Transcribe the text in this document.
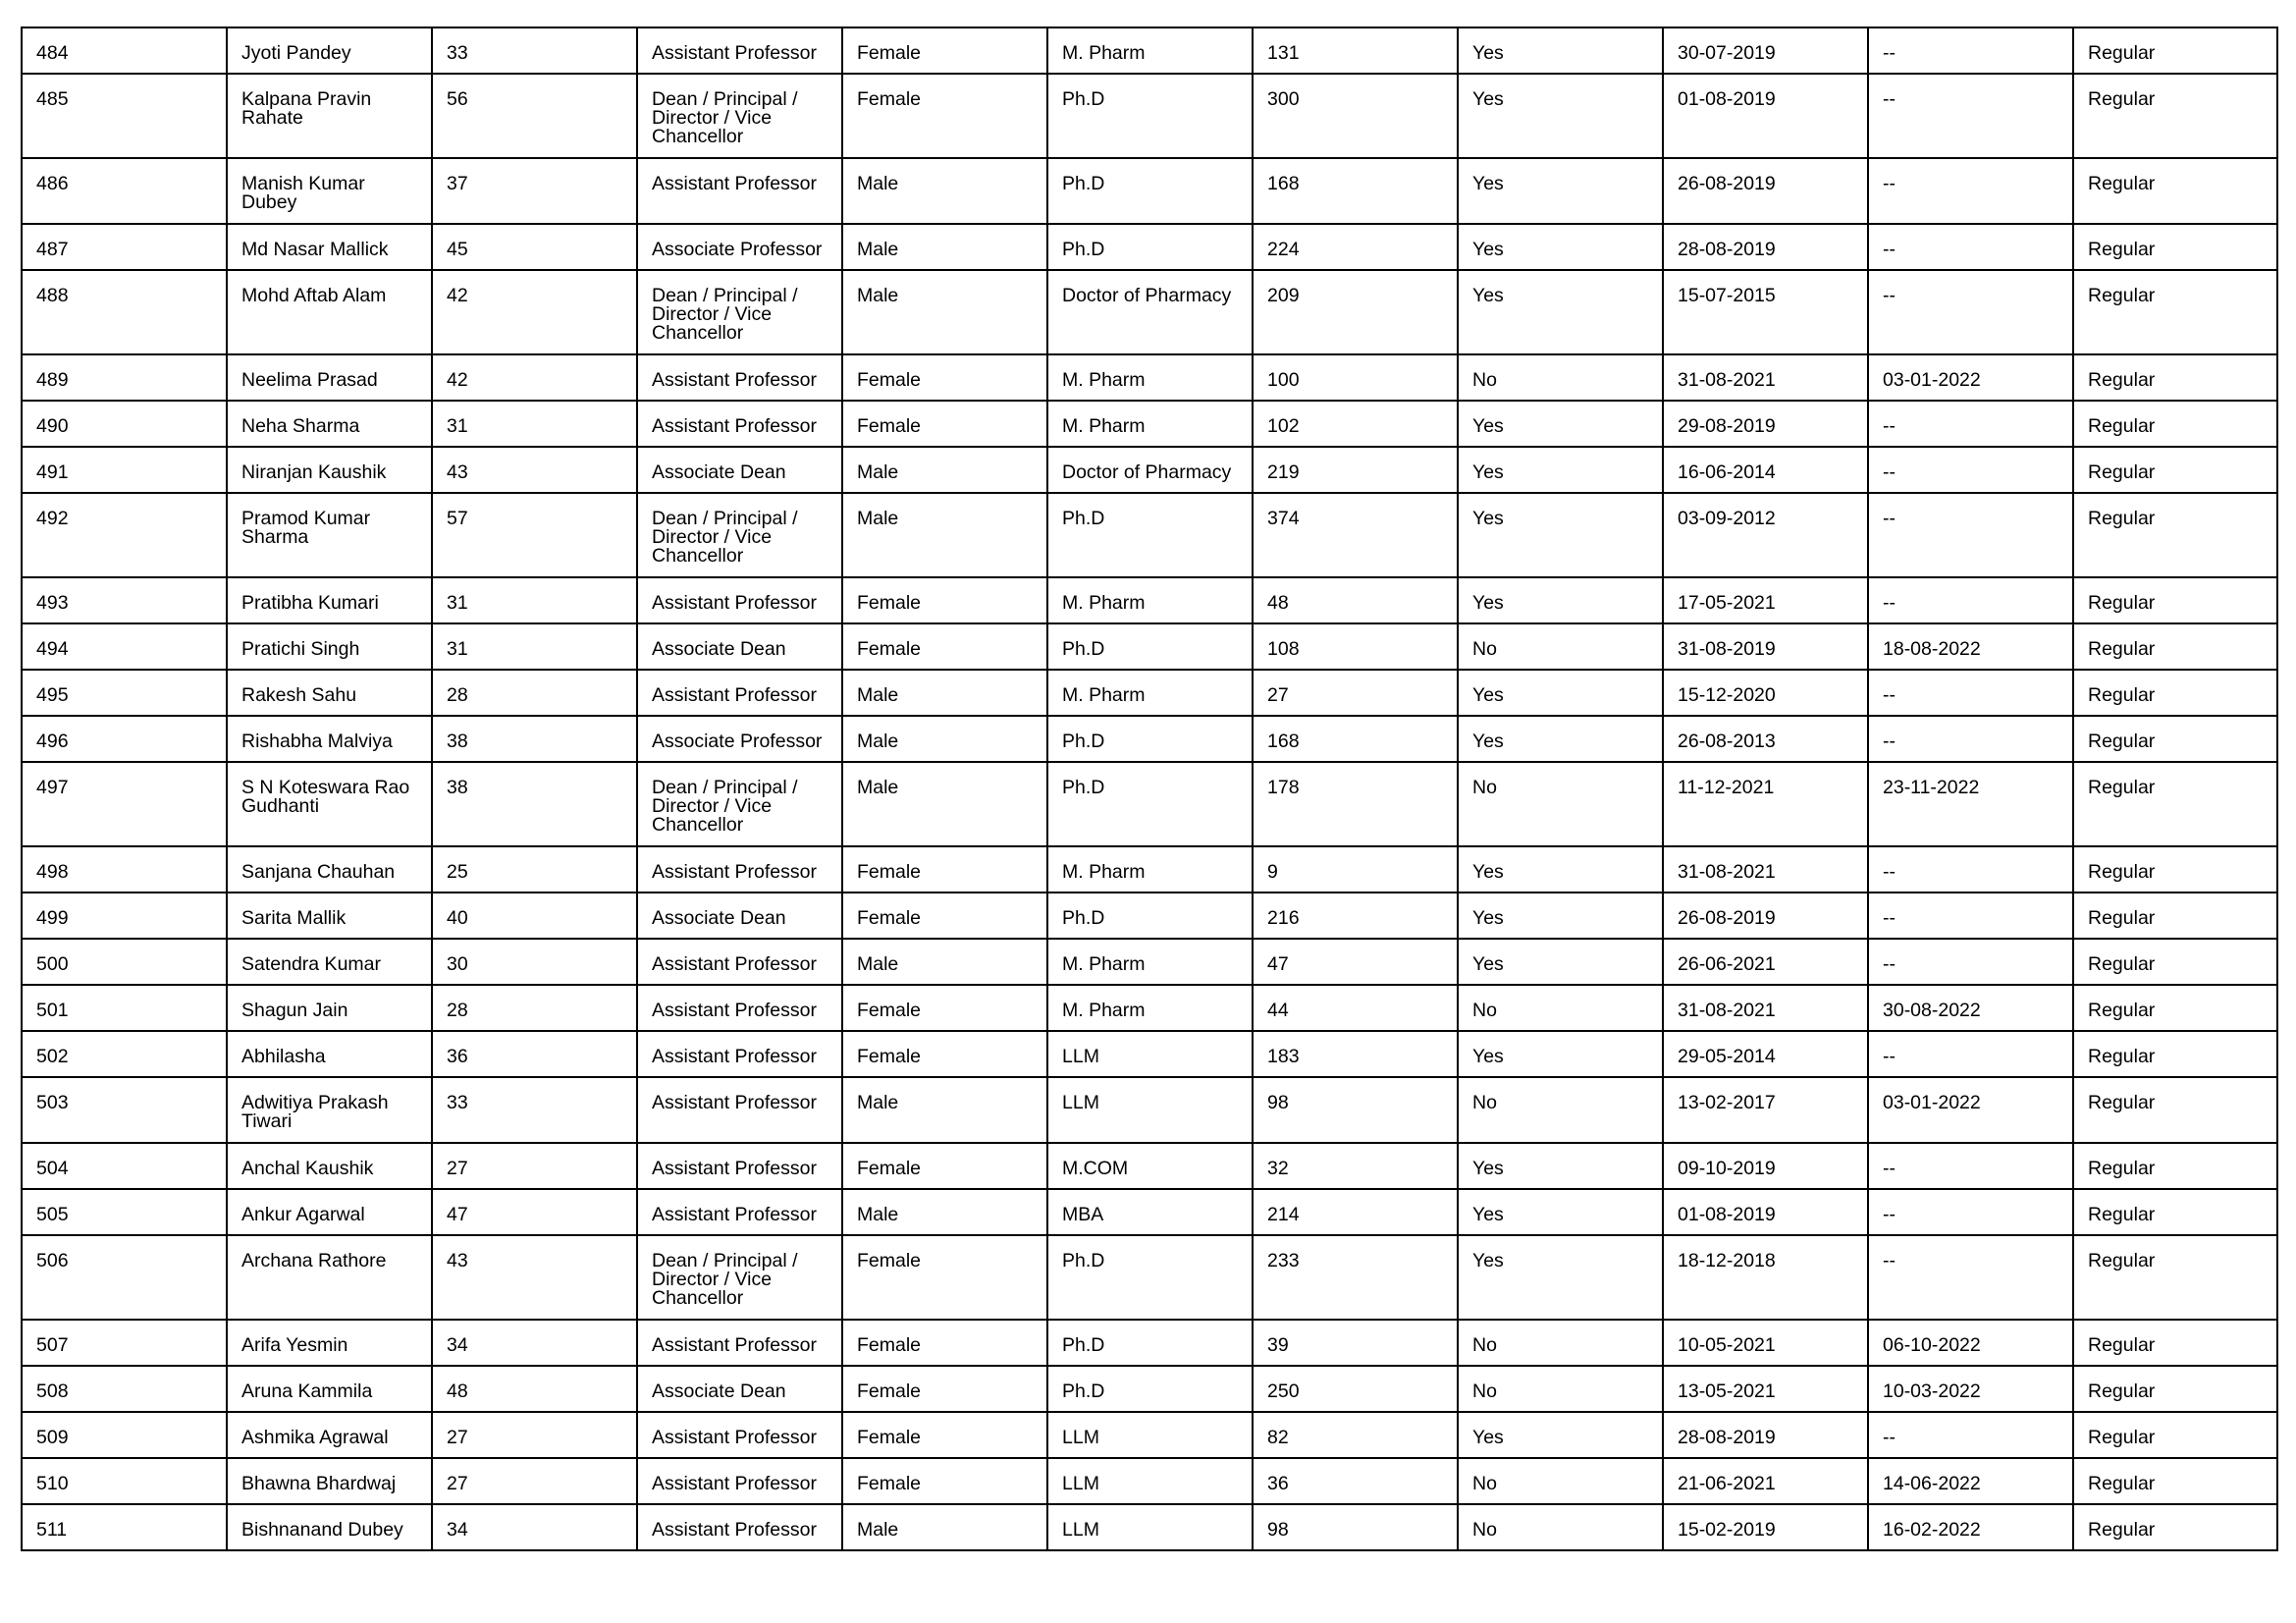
484	Jyoti Pandey	33	Assistant Professor	Female	M. Pharm	131	Yes	30-07-2019	--	Regular

485	Kalpana Pravin Rahate	56	Dean / Principal / Director / Vice Chancellor	Female	Ph.D	300	Yes	01-08-2019	--	Regular

486	Manish Kumar Dubey	37	Assistant Professor	Male	Ph.D	168	Yes	26-08-2019	--	Regular

487	Md Nasar Mallick	45	Associate Professor	Male	Ph.D	224	Yes	28-08-2019	--	Regular

488	Mohd Aftab Alam	42	Dean / Principal / Director / Vice Chancellor	Male	Doctor of Pharmacy	209	Yes	15-07-2015	--	Regular

489	Neelima Prasad	42	Assistant Professor	Female	M. Pharm	100	No	31-08-2021	03-01-2022	Regular

490	Neha Sharma	31	Assistant Professor	Female	M. Pharm	102	Yes	29-08-2019	--	Regular

491	Niranjan Kaushik	43	Associate Dean	Male	Doctor of Pharmacy	219	Yes	16-06-2014	--	Regular

492	Pramod Kumar Sharma	57	Dean / Principal / Director / Vice Chancellor	Male	Ph.D	374	Yes	03-09-2012	--	Regular

493	Pratibha Kumari	31	Assistant Professor	Female	M. Pharm	48	Yes	17-05-2021	--	Regular

494	Pratichi Singh	31	Associate Dean	Female	Ph.D	108	No	31-08-2019	18-08-2022	Regular

495	Rakesh Sahu	28	Assistant Professor	Male	M. Pharm	27	Yes	15-12-2020	--	Regular

496	Rishabha Malviya	38	Associate Professor	Male	Ph.D	168	Yes	26-08-2013	--	Regular

497	S N Koteswara Rao Gudhanti	38	Dean / Principal / Director / Vice Chancellor	Male	Ph.D	178	No	11-12-2021	23-11-2022	Regular

498	Sanjana Chauhan	25	Assistant Professor	Female	M. Pharm	9	Yes	31-08-2021	--	Regular

499	Sarita Mallik	40	Associate Dean	Female	Ph.D	216	Yes	26-08-2019	--	Regular

500	Satendra Kumar	30	Assistant Professor	Male	M. Pharm	47	Yes	26-06-2021	--	Regular

501	Shagun Jain	28	Assistant Professor	Female	M. Pharm	44	No	31-08-2021	30-08-2022	Regular

502	Abhilasha	36	Assistant Professor	Female	LLM	183	Yes	29-05-2014	--	Regular

503	Adwitiya Prakash Tiwari	33	Assistant Professor	Male	LLM	98	No	13-02-2017	03-01-2022	Regular

504	Anchal Kaushik	27	Assistant Professor	Female	M.COM	32	Yes	09-10-2019	--	Regular

505	Ankur Agarwal	47	Assistant Professor	Male	MBA	214	Yes	01-08-2019	--	Regular

506	Archana Rathore	43	Dean / Principal / Director / Vice Chancellor	Female	Ph.D	233	Yes	18-12-2018	--	Regular

507	Arifa Yesmin	34	Assistant Professor	Female	Ph.D	39	No	10-05-2021	06-10-2022	Regular

508	Aruna Kammila	48	Associate Dean	Female	Ph.D	250	No	13-05-2021	10-03-2022	Regular

509	Ashmika Agrawal	27	Assistant Professor	Female	LLM	82	Yes	28-08-2019	--	Regular

510	Bhawna Bhardwaj	27	Assistant Professor	Female	LLM	36	No	21-06-2021	14-06-2022	Regular

511	Bishnanand Dubey	34	Assistant Professor	Male	LLM	98	No	15-02-2019	16-02-2022	Regular
